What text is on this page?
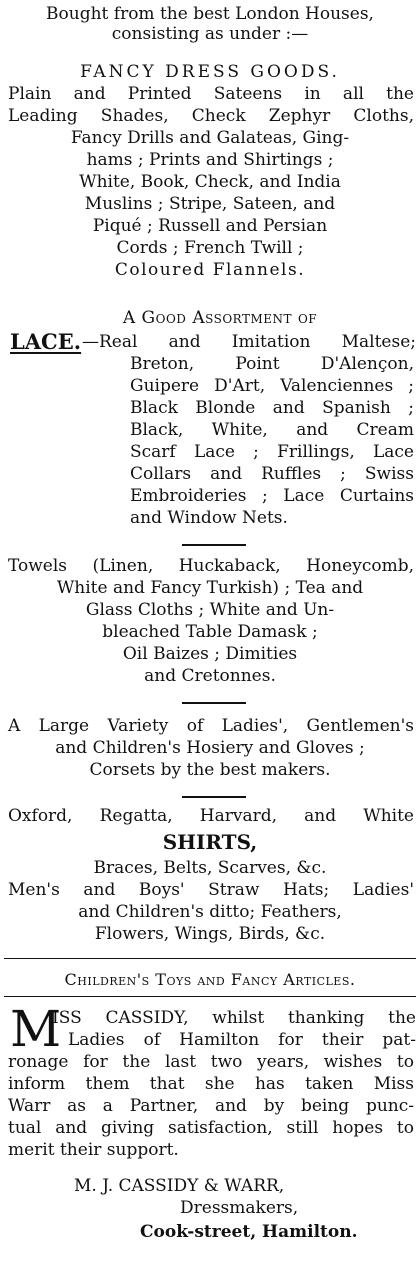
Bought from the best London Houses,
consisting as under :—
FANCY DRESS GOODS.
Plain and Printed Sateens in all the
Leading Shades, Check Zephyr Cloths,
Fancy Drills and Galateas, Ging-
hams ; Prints and Shirtings ;
White, Book, Check, and India
Muslins ; Stripe, Sateen, and
Piqué ; Russell and Persian
Cords ; French Twill ;
Coloured Flannels.
A Good Assortment of
LACE. —Real and Imitation Maltese;
Breton, Point D'Alençon,
Guipere D'Art, Valenciennes ;
Black Blonde and Spanish ;
Black, White, and Cream
Scarf Lace ; Frillings, Lace
Collars and Ruffles ; Swiss
Embroideries ; Lace Curtains
and Window Nets.
Towels (Linen, Huckaback, Honeycomb,
White and Fancy Turkish) ; Tea and
Glass Cloths ; White and Un-
bleached Table Damask ;
Oil Baizes ; Dimities
and Cretonnes.
A Large Variety of Ladies', Gentlemen's
and Children's Hosiery and Gloves ;
Corsets by the best makers.
Oxford, Regatta, Harvard, and White
SHIRTS,
Braces, Belts, Scarves, &c.
Men's and Boys' Straw Hats; Ladies'
and Children's ditto; Feathers,
Flowers, Wings, Birds, &c.
Children's Toys and Fancy Articles.
M
ISS CASSIDY, whilst thanking the
Ladies of Hamilton for their pat-
ronage for the last two years, wishes to
inform them that she has taken Miss
Warr as a Partner, and by being punc-
tual and giving satisfaction, still hopes to
merit their support.
M. J. CASSIDY & WARR,
Dressmakers,
Cook-street, Hamilton.
